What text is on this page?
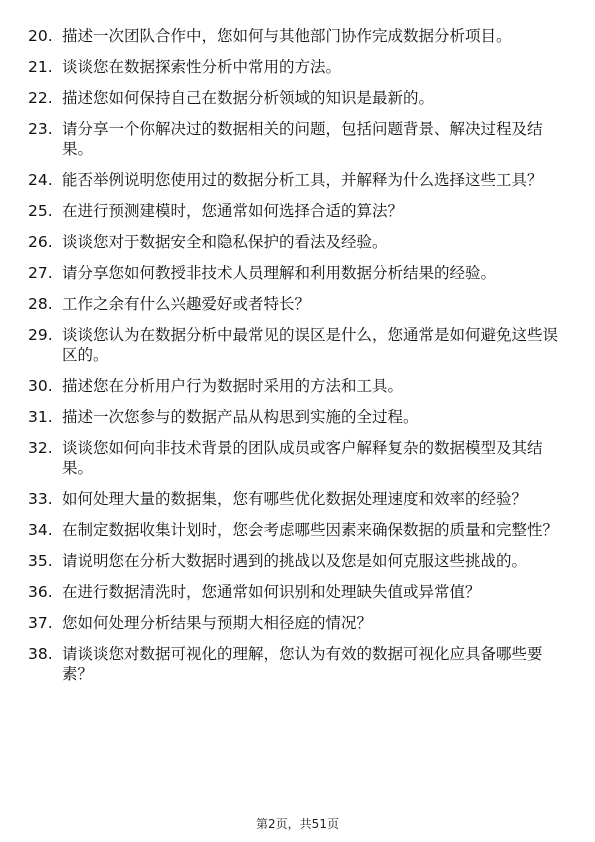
20. 描述一次团队合作中，您如何与其他部门协作完成数据分析项目。
21. 谈谈您在数据探索性分析中常用的方法。
22. 描述您如何保持自己在数据分析领域的知识是最新的。
23. 请分享一个你解决过的数据相关的问题，包括问题背景、解决过程及结果。
24. 能否举例说明您使用过的数据分析工具，并解释为什么选择这些工具？
25. 在进行预测建模时，您通常如何选择合适的算法？
26. 谈谈您对于数据安全和隐私保护的看法及经验。
27. 请分享您如何教授非技术人员理解和利用数据分析结果的经验。
28. 工作之余有什么兴趣爱好或者特长？
29. 谈谈您认为在数据分析中最常见的误区是什么，您通常是如何避免这些误区的。
30. 描述您在分析用户行为数据时采用的方法和工具。
31. 描述一次您参与的数据产品从构思到实施的全过程。
32. 谈谈您如何向非技术背景的团队成员或客户解释复杂的数据模型及其结果。
33. 如何处理大量的数据集，您有哪些优化数据处理速度和效率的经验？
34. 在制定数据收集计划时，您会考虑哪些因素来确保数据的质量和完整性？
35. 请说明您在分析大数据时遇到的挑战以及您是如何克服这些挑战的。
36. 在进行数据清洗时，您通常如何识别和处理缺失值或异常值？
37. 您如何处理分析结果与预期大相径庭的情况？
38. 请谈谈您对数据可视化的理解，您认为有效的数据可视化应具备哪些要素？
第2页，共51页
